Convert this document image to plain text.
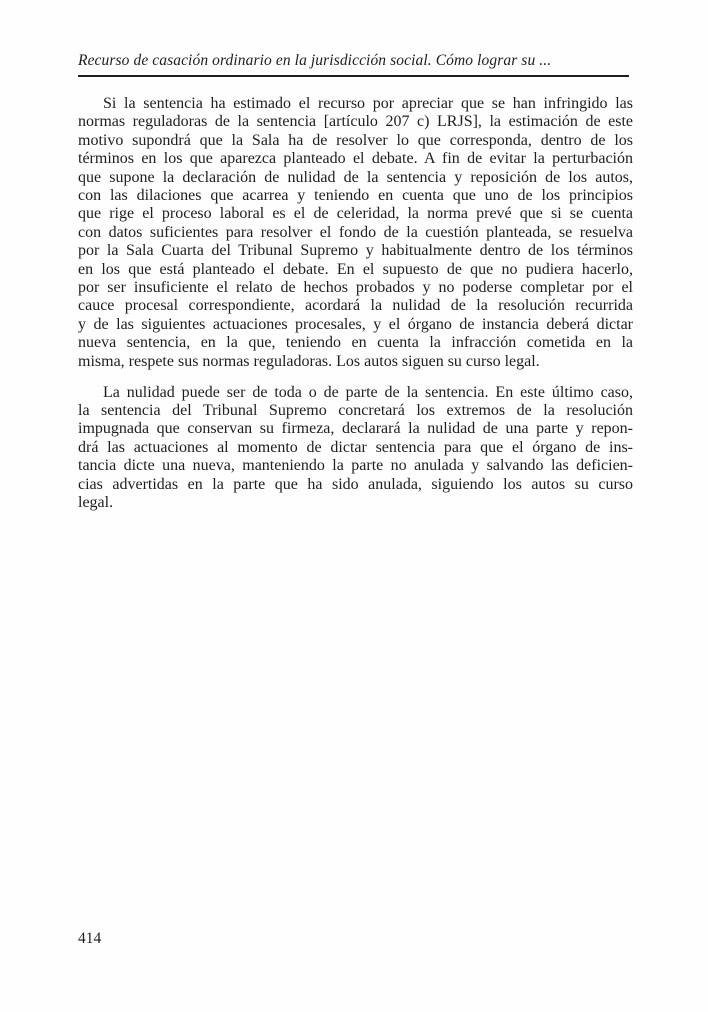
Recurso de casación ordinario en la jurisdicción social. Cómo lograr su ...
Si la sentencia ha estimado el recurso por apreciar que se han infringido las
normas reguladoras de la sentencia [artículo 207 c) LRJS], la estimación de este
motivo supondrá que la Sala ha de resolver lo que corresponda, dentro de los
términos en los que aparezca planteado el debate. A fin de evitar la perturbación
que supone la declaración de nulidad de la sentencia y reposición de los autos,
con las dilaciones que acarrea y teniendo en cuenta que uno de los principios
que rige el proceso laboral es el de celeridad, la norma prevé que si se cuenta
con datos suficientes para resolver el fondo de la cuestión planteada, se resuelva
por la Sala Cuarta del Tribunal Supremo y habitualmente dentro de los términos
en los que está planteado el debate. En el supuesto de que no pudiera hacerlo,
por ser insuficiente el relato de hechos probados y no poderse completar por el
cauce procesal correspondiente, acordará la nulidad de la resolución recurrida
y de las siguientes actuaciones procesales, y el órgano de instancia deberá dictar
nueva sentencia, en la que, teniendo en cuenta la infracción cometida en la
misma, respete sus normas reguladoras. Los autos siguen su curso legal.
La nulidad puede ser de toda o de parte de la sentencia. En este último caso,
la sentencia del Tribunal Supremo concretará los extremos de la resolución
impugnada que conservan su firmeza, declarará la nulidad de una parte y repon-
drá las actuaciones al momento de dictar sentencia para que el órgano de ins-
tancia dicte una nueva, manteniendo la parte no anulada y salvando las deficien-
cias advertidas en la parte que ha sido anulada, siguiendo los autos su curso
legal.
414
